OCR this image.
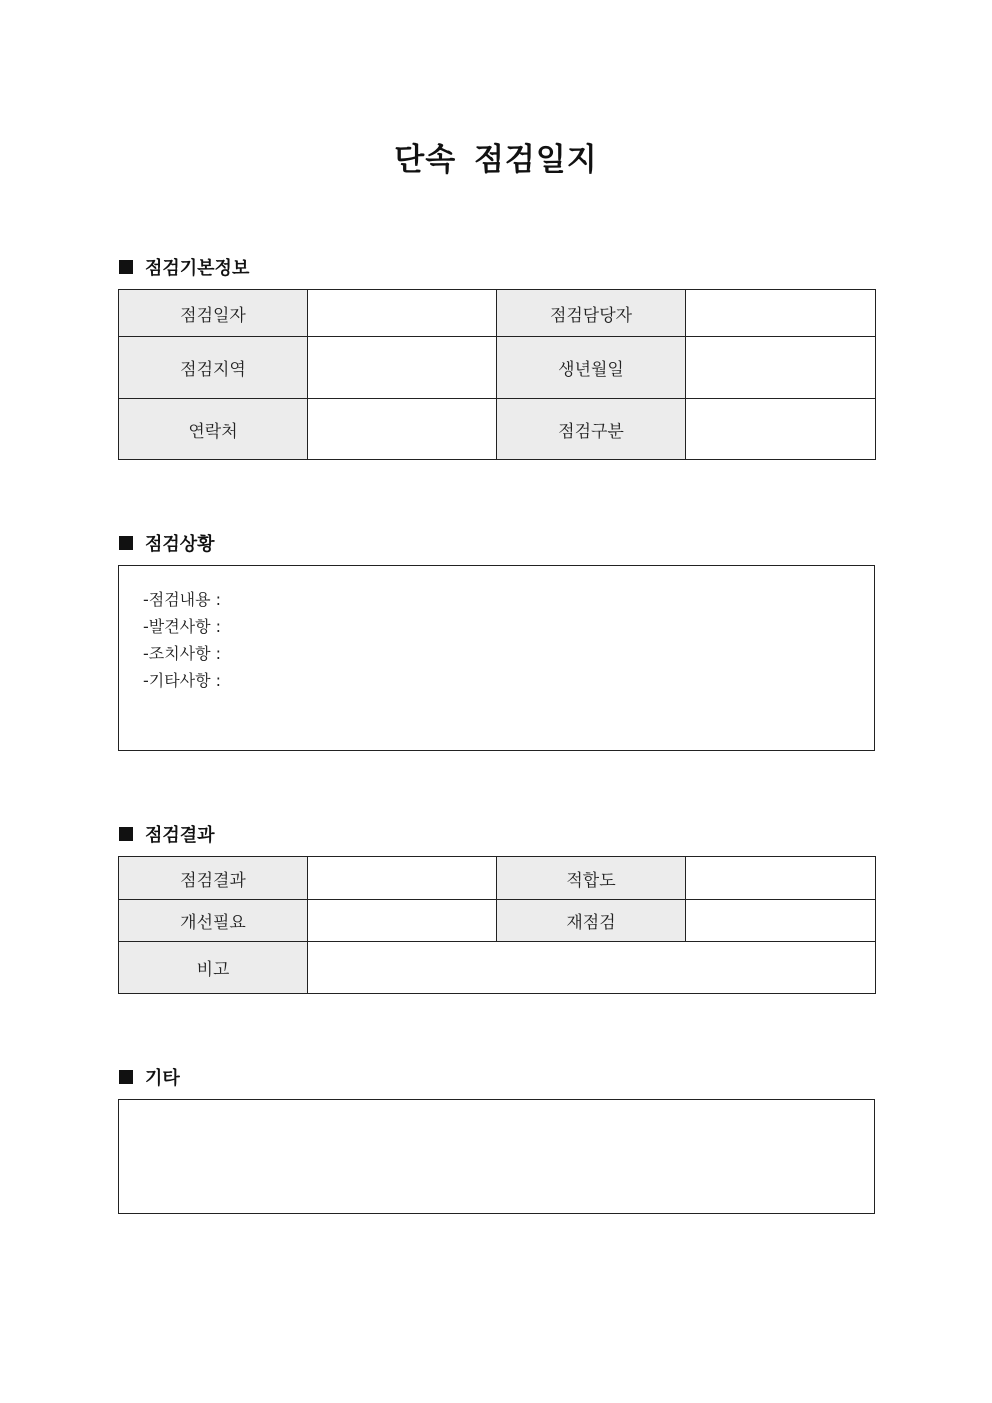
단속 점검일지
점검기본정보
점검일자		점검담당자	
점검지역		생년월일	
연락처		점검구분	
점검상황
-점검내용 :
-발견사항 :
-조치사항 :
-기타사항 :
점검결과
점검결과		적합도	
개선필요		재점검	
비고			
기타
